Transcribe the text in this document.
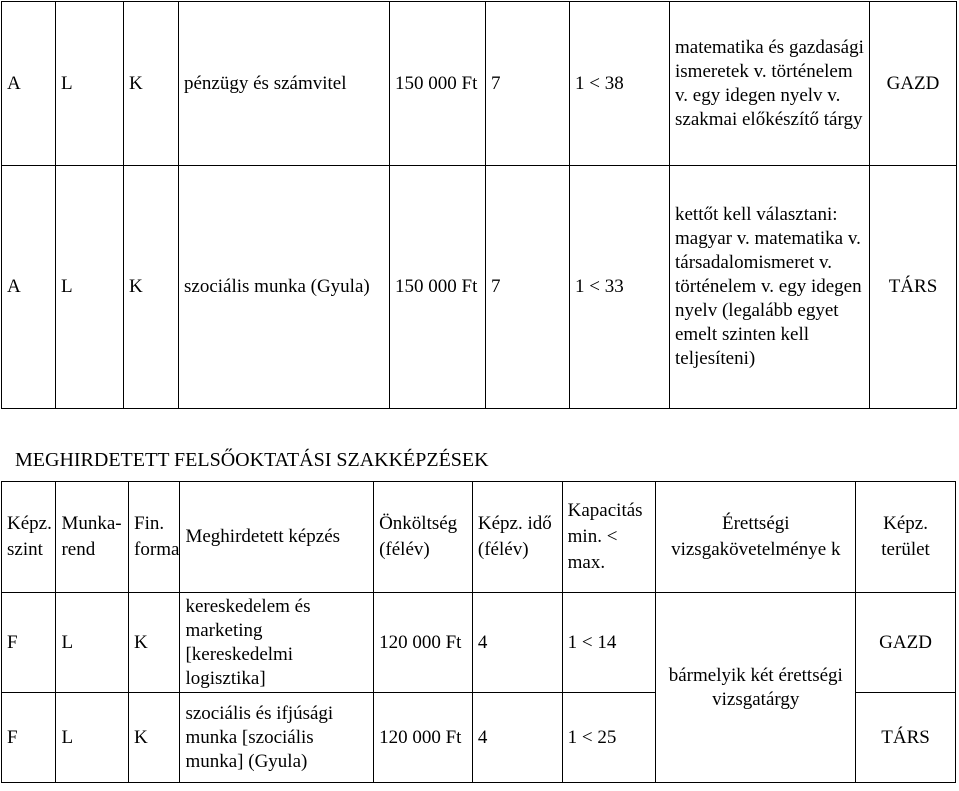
A	L	K	pénzügy és számvitel	150 000 Ft	7	1 < 38	matematika és gazdasági ismeretek v. történelem v. egy idegen nyelv v. szakmai előkészítő tárgy	GAZD
A	L	K	szociális munka (Gyula)	150 000 Ft	7	1 < 33	kettőt kell választani: magyar v. matematika v. társadalomismeret v. történelem v. egy idegen nyelv (legalább egyet emelt szinten kell teljesíteni)	TÁRS
MEGHIRDETETT FELSŐOKTATÁSI SZAKKÉPZÉSEK
Képz. szint	Munka-rend	Fin. forma	Meghirdetett képzés	Önköltség (félév)	Képz. idő (félév)	Kapacitás min. < max.	Érettségi vizsgakövetelménye k	Képz. terület
F	L	K	kereskedelem és marketing [kereskedelmi logisztika]	120 000 Ft	4	1 < 14	bármelyik két érettségi vizsgatárgy	GAZD
F	L	K	szociális és ifjúsági munka [szociális munka] (Gyula)	120 000 Ft	4	1 < 25		TÁRS
